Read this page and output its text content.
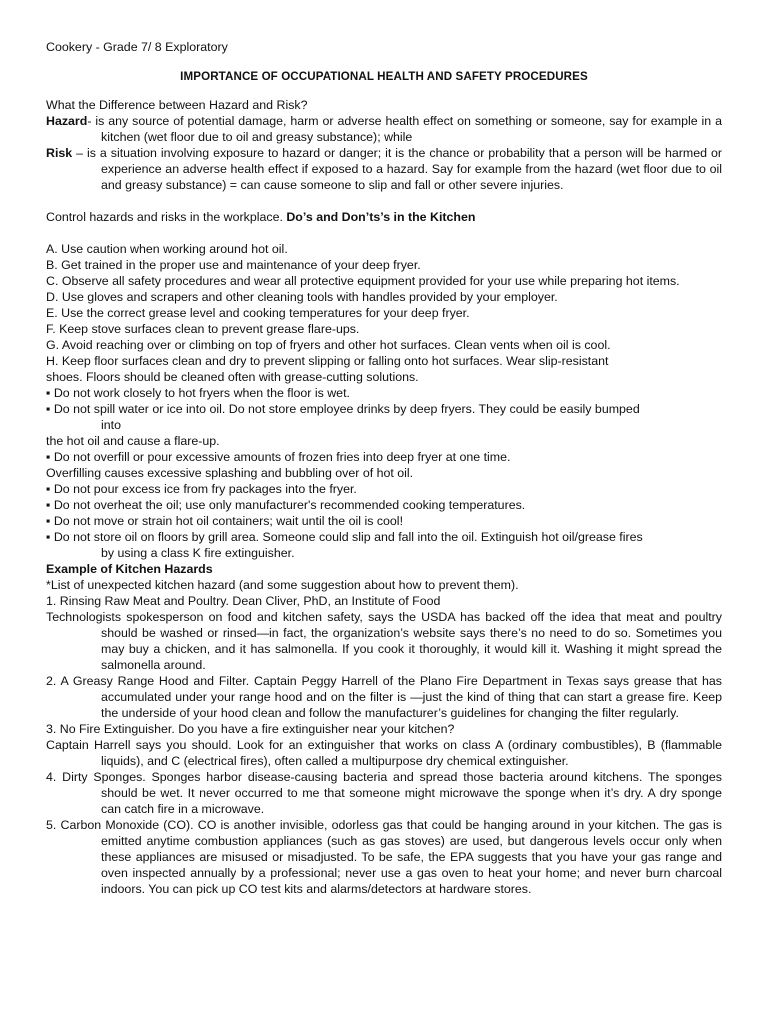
Cookery - Grade 7/ 8 Exploratory

IMPORTANCE OF OCCUPATIONAL HEALTH AND SAFETY PROCEDURES

What the Difference between Hazard and Risk?

Hazard- is any source of potential damage, harm or adverse health effect on something or someone, say for example in a kitchen (wet floor due to oil and greasy substance); while

Risk – is a situation involving exposure to hazard or danger; it is the chance or probability that a person will be harmed or experience an adverse health effect if exposed to a hazard. Say for example from the hazard (wet floor due to oil and greasy substance) = can cause someone to slip and fall or other severe injuries.

Control hazards and risks in the workplace. Do’s and Don’ts’s in the Kitchen

A. Use caution when working around hot oil.

B. Get trained in the proper use and maintenance of your deep fryer.

C. Observe all safety procedures and wear all protective equipment provided for your use while preparing hot items.

D. Use gloves and scrapers and other cleaning tools with handles provided by your employer.

E. Use the correct grease level and cooking temperatures for your deep fryer.

F. Keep stove surfaces clean to prevent grease flare-ups.

G. Avoid reaching over or climbing on top of fryers and other hot surfaces. Clean vents when oil is cool.

H. Keep floor surfaces clean and dry to prevent slipping or falling onto hot surfaces. Wear slip-resistant

shoes. Floors should be cleaned often with grease-cutting solutions.

▪ Do not work closely to hot fryers when the floor is wet.

▪ Do not spill water or ice into oil. Do not store employee drinks by deep fryers. They could be easily bumped

into

the hot oil and cause a flare-up.

▪ Do not overfill or pour excessive amounts of frozen fries into deep fryer at one time.

Overfilling causes excessive splashing and bubbling over of hot oil.

▪ Do not pour excess ice from fry packages into the fryer.

▪ Do not overheat the oil; use only manufacturer's recommended cooking temperatures.

▪ Do not move or strain hot oil containers; wait until the oil is cool!

▪ Do not store oil on floors by grill area. Someone could slip and fall into the oil. Extinguish hot oil/grease fires

by using a class K fire extinguisher.

Example of Kitchen Hazards

*List of unexpected kitchen hazard (and some suggestion about how to prevent them).

1. Rinsing Raw Meat and Poultry. Dean Cliver, PhD, an Institute of Food

Technologists spokesperson on food and kitchen safety, says the USDA has backed off the idea that meat and poultry should be washed or rinsed—in fact, the organization’s website says there’s no need to do so. Sometimes you may buy a chicken, and it has salmonella. If you cook it thoroughly, it would kill it. Washing it might spread the salmonella around.

2. A Greasy Range Hood and Filter. Captain Peggy Harrell of the Plano Fire Department in Texas says grease that has accumulated under your range hood and on the filter is —just the kind of thing that can start a grease fire. Keep the underside of your hood clean and follow the manufacturer’s guidelines for changing the filter regularly.

3. No Fire Extinguisher. Do you have a fire extinguisher near your kitchen?

Captain Harrell says you should. Look for an extinguisher that works on class A (ordinary combustibles), B (flammable liquids), and C (electrical fires), often called a multipurpose dry chemical extinguisher.

4. Dirty Sponges. Sponges harbor disease-causing bacteria and spread those bacteria around kitchens. The sponges should be wet. It never occurred to me that someone might microwave the sponge when it’s dry. A dry sponge can catch fire in a microwave.

5. Carbon Monoxide (CO). CO is another invisible, odorless gas that could be hanging around in your kitchen. The gas is emitted anytime combustion appliances (such as gas stoves) are used, but dangerous levels occur only when these appliances are misused or misadjusted. To be safe, the EPA suggests that you have your gas range and oven inspected annually by a professional; never use a gas oven to heat your home; and never burn charcoal indoors. You can pick up CO test kits and alarms/detectors at hardware stores.
